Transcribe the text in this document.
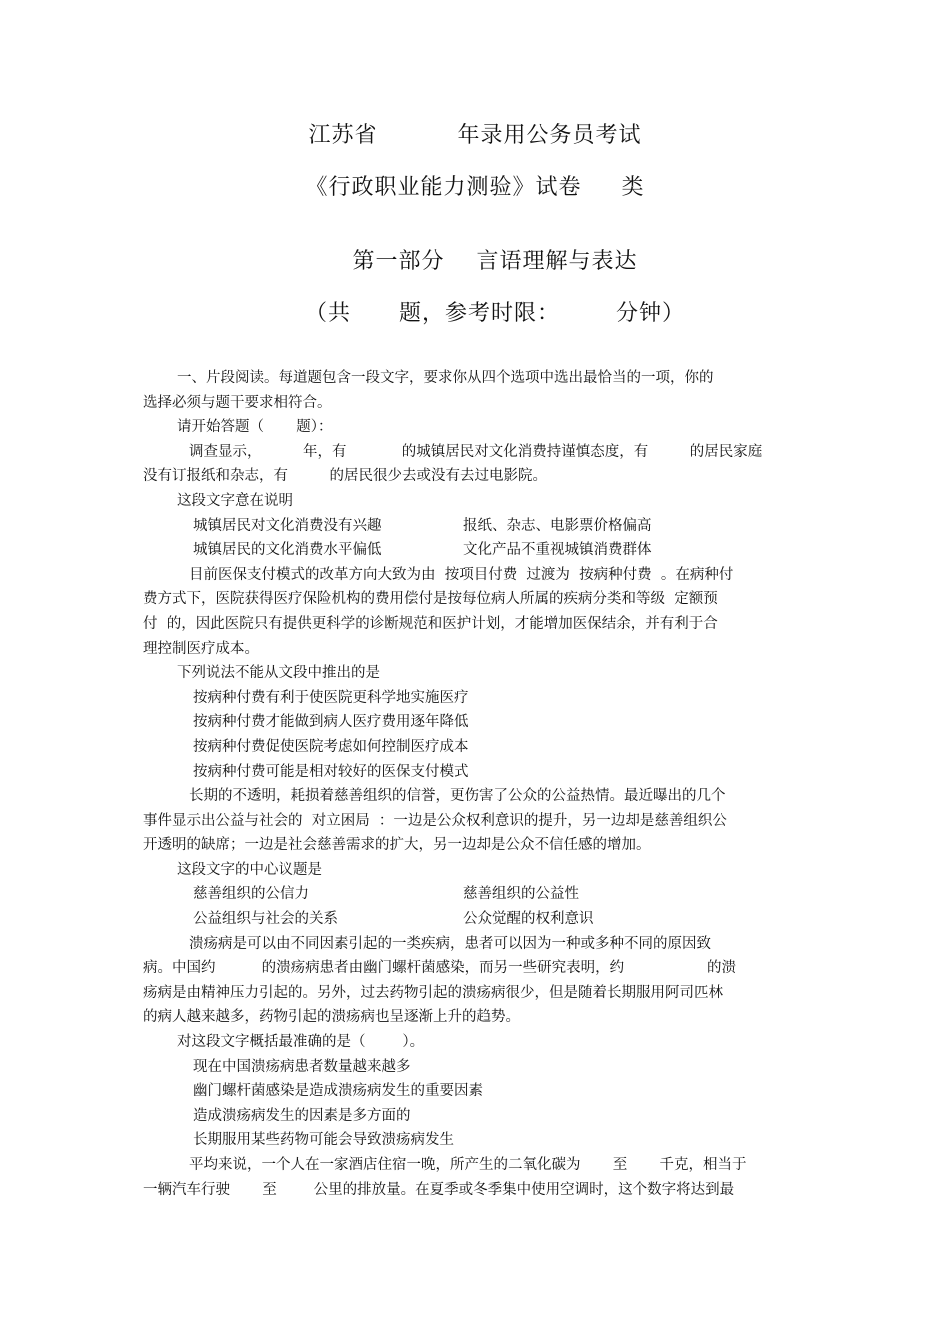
江苏省          年录用公务员考试
《行政职业能力测验》试卷     类
第一部分    言语理解与表达
（共      题，参考时限：       分钟）

一、片段阅读。每道题包含一段文字，要求你从四个选项中选出最恰当的一项，你的

选择必须与题干要求相符合。

请开始答题（       题）：

调查显示，         年，有            的城镇居民对文化消费持谨慎态度，有         的居民家庭

没有订报纸和杂志，有         的居民很少去或没有去过电影院。

这段文字意在说明

城镇居民对文化消费没有兴趣	报纸、杂志、电影票价格偏高
城镇居民的文化消费水平偏低	文化产品不重视城镇消费群体

目前医保支付模式的改革方向大致为由  按项目付费  过渡为  按病种付费  。在病种付

费方式下，医院获得医疗保险机构的费用偿付是按每位病人所属的疾病分类和等级  定额预

付  的，因此医院只有提供更科学的诊断规范和医护计划，才能增加医保结余，并有利于合

理控制医疗成本。

下列说法不能从文段中推出的是

按病种付费有利于使医院更科学地实施医疗

按病种付费才能做到病人医疗费用逐年降低

按病种付费促使医院考虑如何控制医疗成本

按病种付费可能是相对较好的医保支付模式

长期的不透明，耗损着慈善组织的信誉，更伤害了公众的公益热情。最近曝出的几个

事件显示出公益与社会的  对立困局  ：一边是公众权利意识的提升，另一边却是慈善组织公

开透明的缺席；一边是社会慈善需求的扩大，另一边却是公众不信任感的增加。

这段文字的中心议题是

慈善组织的公信力	慈善组织的公益性
公益组织与社会的关系	公众觉醒的权利意识

溃疡病是可以由不同因素引起的一类疾病，患者可以因为一种或多种不同的原因致

病。中国约          的溃疡病患者由幽门螺杆菌感染，而另一些研究表明，约                  的溃

疡病是由精神压力引起的。另外，过去药物引起的溃疡病很少，但是随着长期服用阿司匹林

的病人越来越多，药物引起的溃疡病也呈逐渐上升的趋势。

对这段文字概括最准确的是（        ）。

现在中国溃疡病患者数量越来越多

幽门螺杆菌感染是造成溃疡病发生的重要因素

造成溃疡病发生的因素是多方面的

长期服用某些药物可能会导致溃疡病发生

平均来说，一个人在一家酒店住宿一晚，所产生的二氧化碳为       至       千克，相当于

一辆汽车行驶       至        公里的排放量。在夏季或冬季集中使用空调时，这个数字将达到最
